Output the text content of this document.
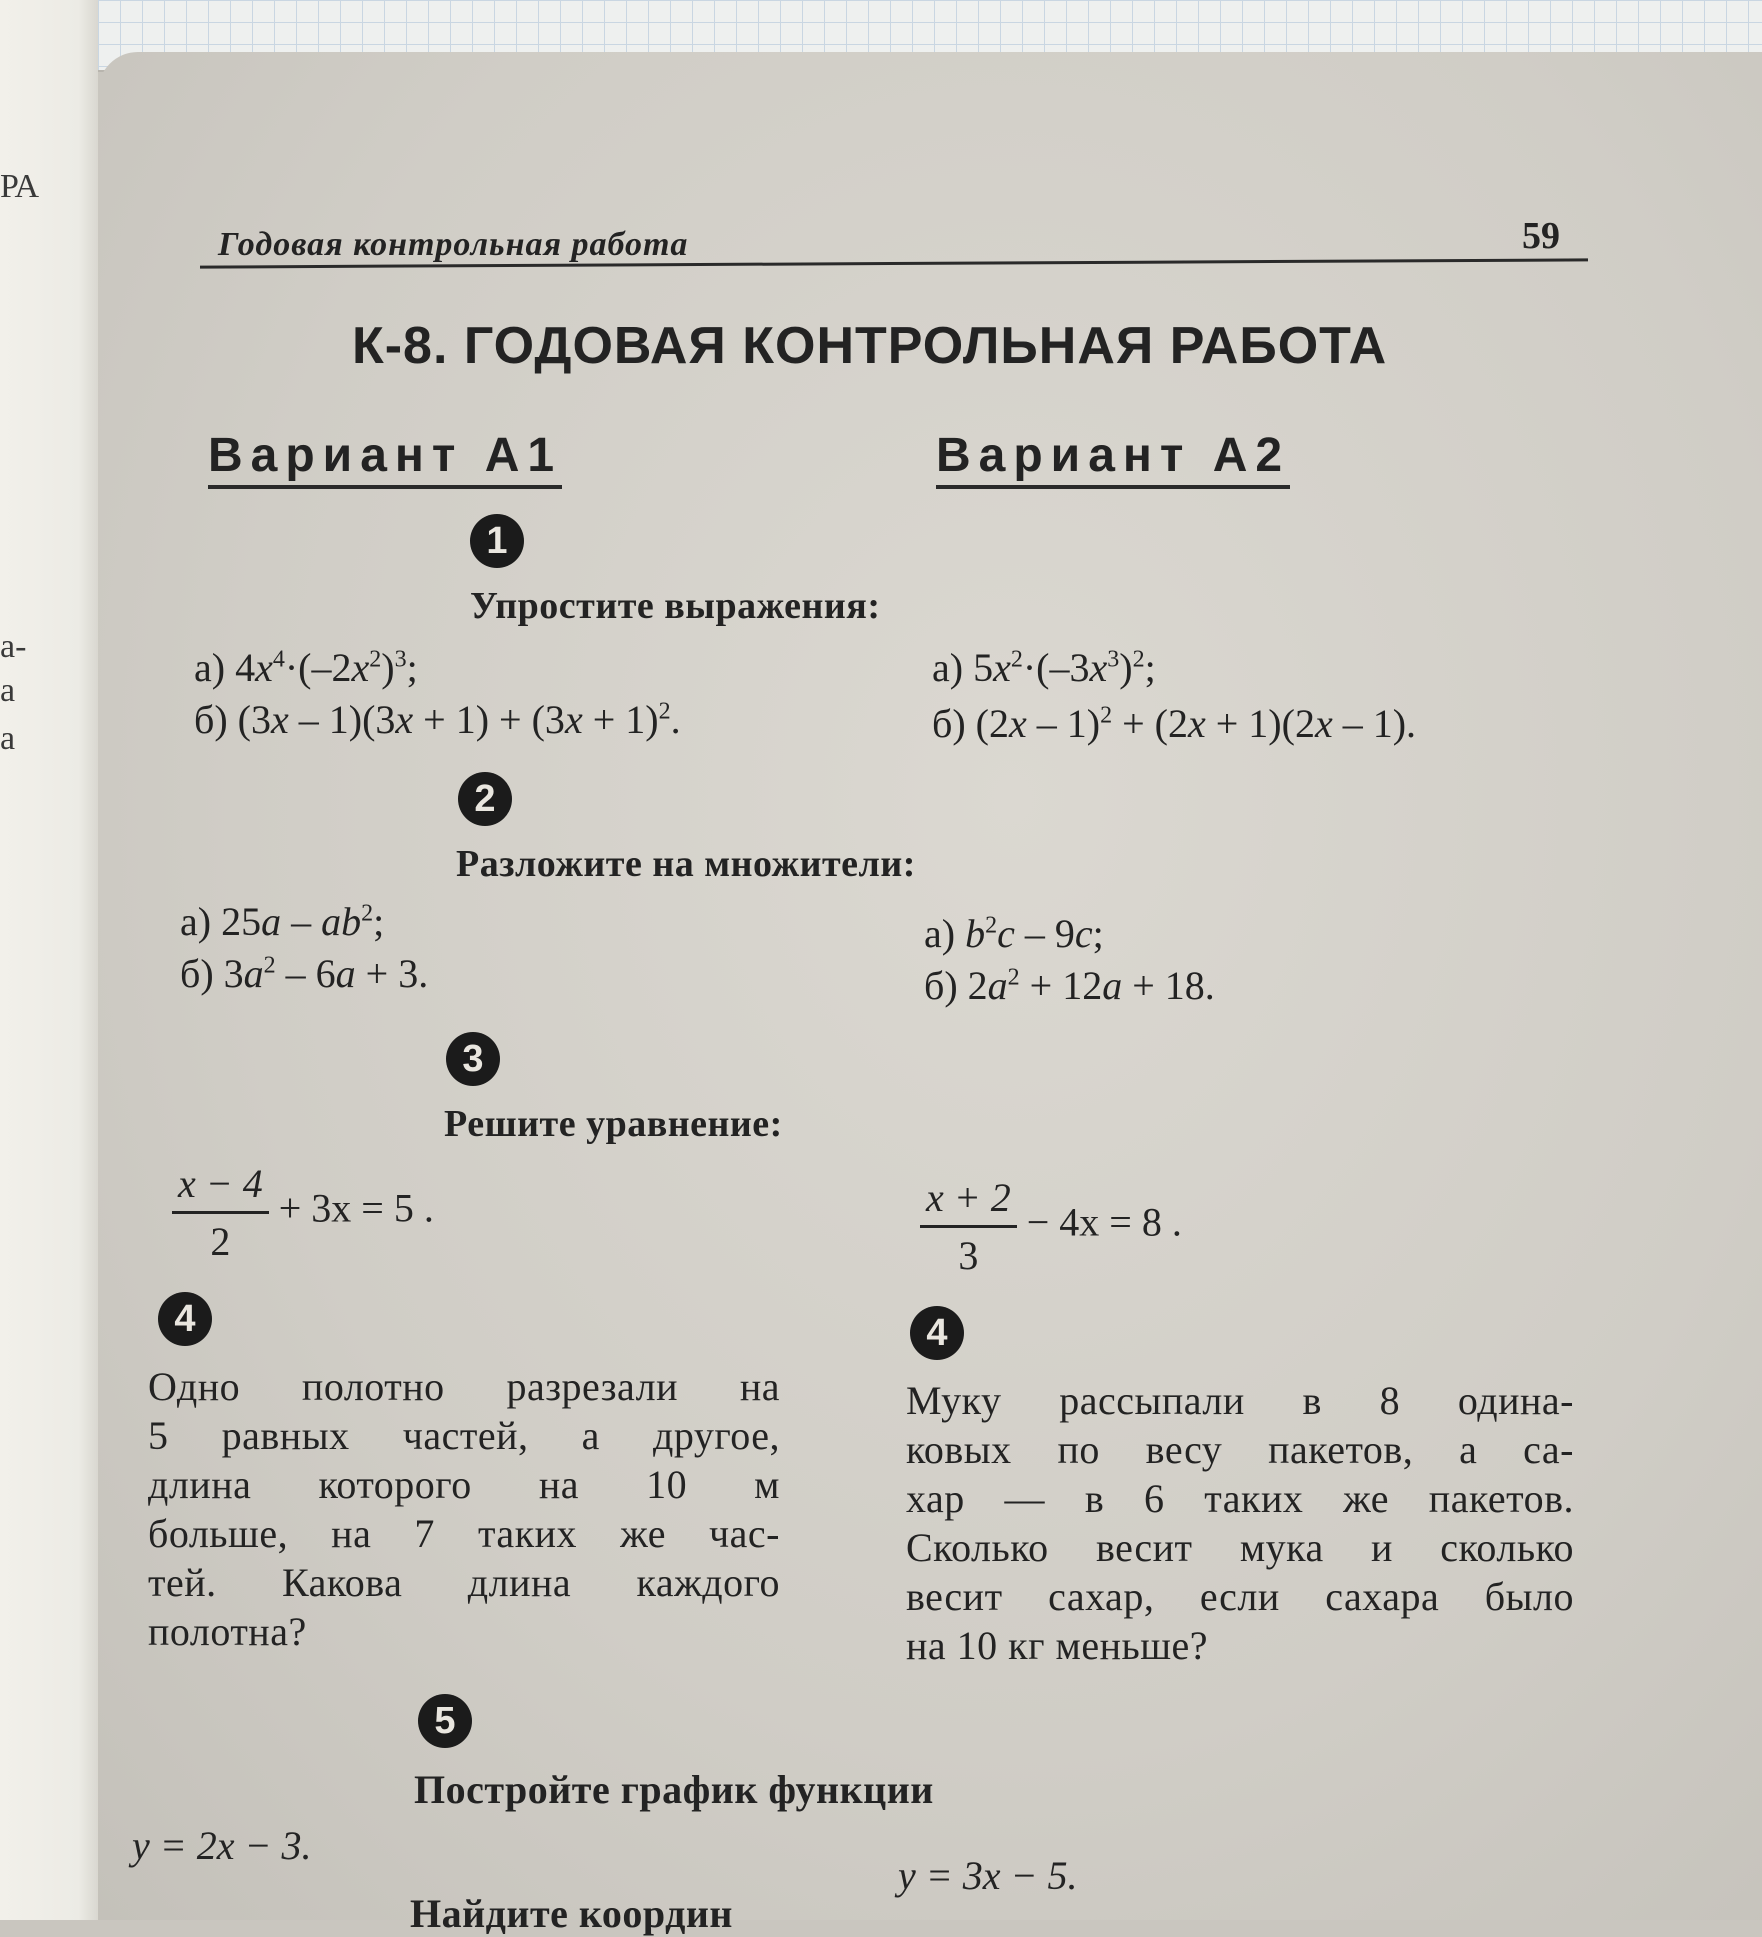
РА
а-
а
а
Годовая контрольная работа	59
К-8. ГОДОВАЯ КОНТРОЛЬНАЯ РАБОТА
Вариант А1	Вариант А2
1
Упростите выражения:
а) $4x^4\cdot(-2x^2)^3$;
б) $(3x - 1)(3x + 1) + (3x + 1)^2$.
а) $5x^2\cdot(-3x^3)^2$;
б) (2x – 1)$^2$ + (2x + 1)(2x – 1).
2
Разложите на множители:
а) $25a - ab^2$;
б) $3a^2 - 6a + 3$.
а) $b^2c - 9c$;
б) $2a^2 + 12a + 18$.
3
Решите уравнение:
$\frac{x - 4}{2} + 3x = 5$ .	$\frac{x + 2}{3} - 4x = 8$ .
4	4
Одно полотно разрезали на
5 равных частей, а другое,
длина которого на 10 м
больше, на 7 таких же час-
тей. Какова длина каждого
полотна?
Муку рассыпали в 8 одина-
ковых по весу пакетов, а са-
хар — в 6 таких же пакетов.
Сколько весит мука и сколько
весит сахар, если сахара было
на 10 кг меньше?
5
Постройте график функции
y = 2x − 3.
y = 3x − 5.
Найдите координ
